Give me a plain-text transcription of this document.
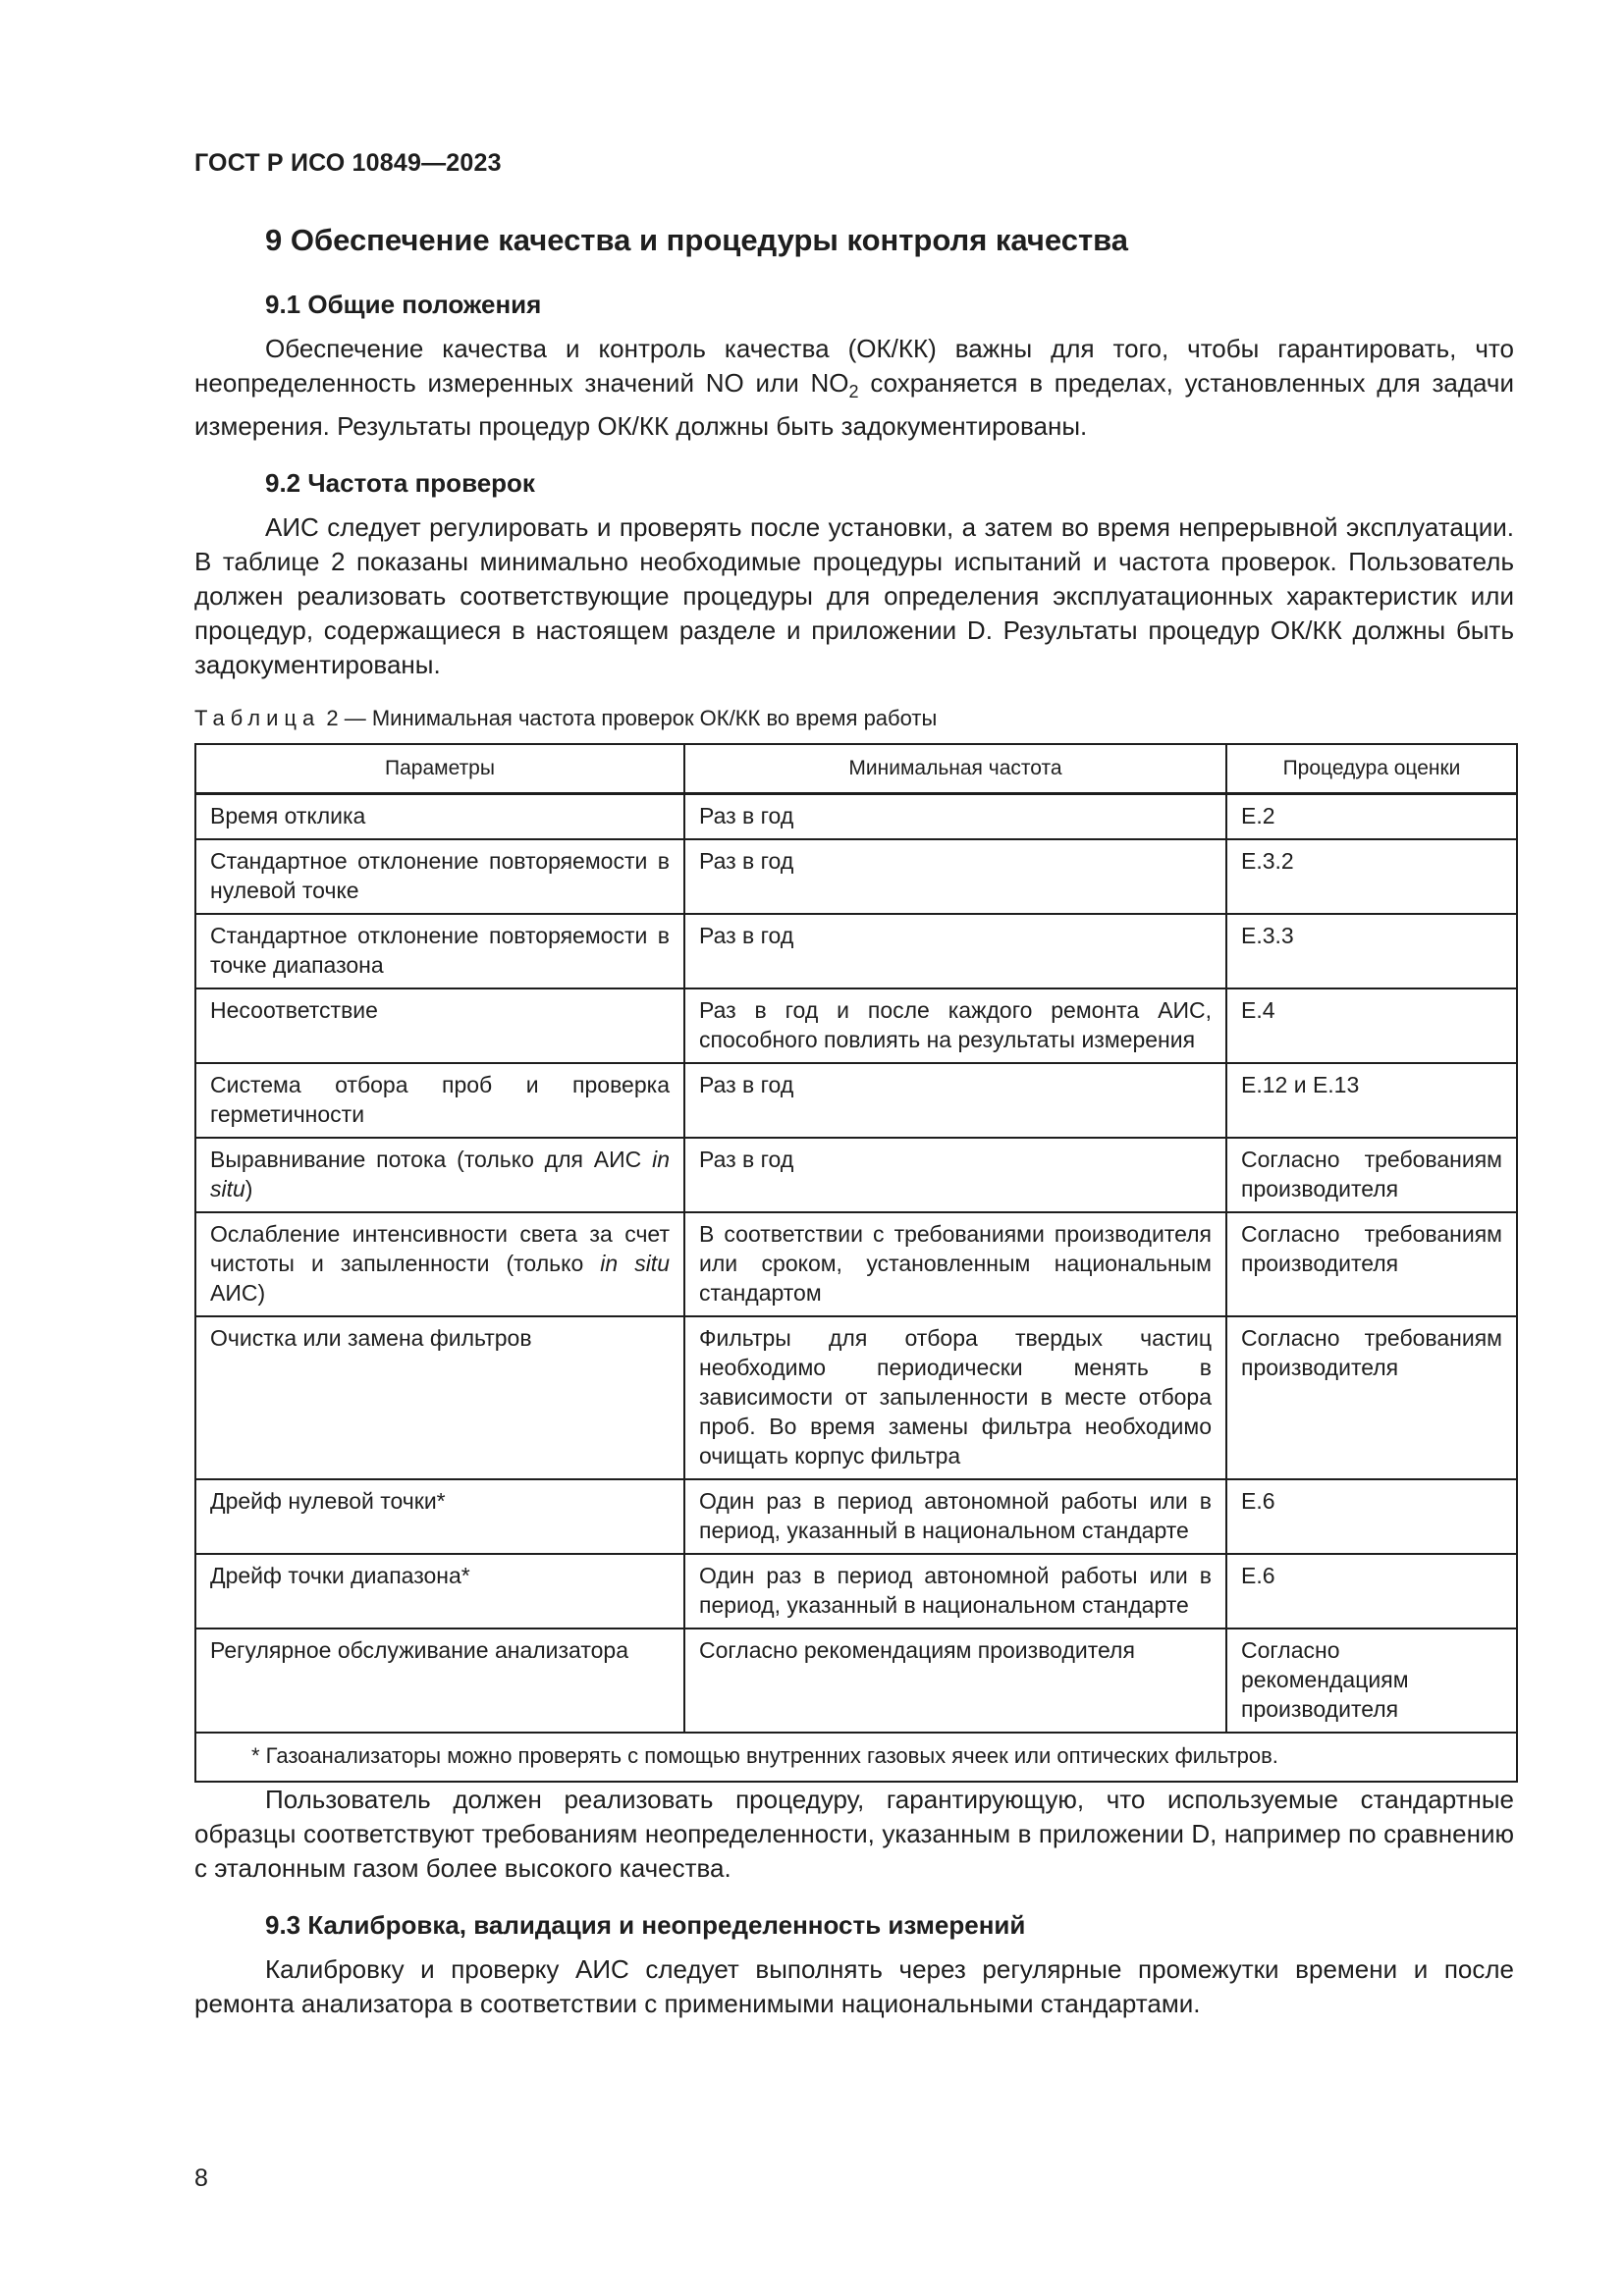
ГОСТ Р ИСО 10849—2023
9 Обеспечение качества и процедуры контроля качества
9.1 Общие положения

Обеспечение качества и контроль качества (ОК/КК) важны для того, чтобы гарантировать, что неопределенность измеренных значений NO или $NO_2$ сохраняется в пределах, установленных для задачи измерения. Результаты процедур ОК/КК должны быть задокументированы.

9.2 Частота проверок

АИС следует регулировать и проверять после установки, а затем во время непрерывной эксплуатации. В таблице 2 показаны минимально необходимые процедуры испытаний и частота проверок. Пользователь должен реализовать соответствующие процедуры для определения эксплуатационных характеристик или процедур, содержащиеся в настоящем разделе и приложении D. Результаты процедур ОК/КК должны быть задокументированы.

Таблица 2 — Минимальная частота проверок ОК/КК во время работы
Параметры	Минимальная частота	Процедура оценки
Время отклика	Раз в год	E.2
Стандартное отклонение повторяемости в нулевой точке	Раз в год	E.3.2
Стандартное отклонение повторяемости в точке диапазона	Раз в год	E.3.3
Несоответствие	Раз в год и после каждого ремонта АИС, способного повлиять на результаты измерения	E.4
Система отбора проб и проверка герметичности	Раз в год	E.12 и E.13
Выравнивание потока (только для АИС in situ)	Раз в год	Согласно требованиям производителя
Ослабление интенсивности света за счет чистоты и запыленности (только in situ АИС)	В соответствии с требованиями производителя или сроком, установленным национальным стандартом	Согласно требованиям производителя
Очистка или замена фильтров	Фильтры для отбора твердых частиц необходимо периодически менять в зависимости от запыленности в месте отбора проб. Во время замены фильтра необходимо очищать корпус фильтра	Согласно требованиям производителя
Дрейф нулевой точки*	Один раз в период автономной работы или в период, указанный в национальном стандарте	E.6
Дрейф точки диапазона*	Один раз в период автономной работы или в период, указанный в национальном стандарте	E.6
Регулярное обслуживание анализатора	Согласно рекомендациям производителя	Согласно рекомендациям производителя
* Газоанализаторы можно проверять с помощью внутренних газовых ячеек или оптических фильтров.		

Пользователь должен реализовать процедуру, гарантирующую, что используемые стандартные образцы соответствуют требованиям неопределенности, указанным в приложении D, например по сравнению с эталонным газом более высокого качества.

9.3 Калибровка, валидация и неопределенность измерений

Калибровку и проверку АИС следует выполнять через регулярные промежутки времени и после ремонта анализатора в соответствии с применимыми национальными стандартами.

8
